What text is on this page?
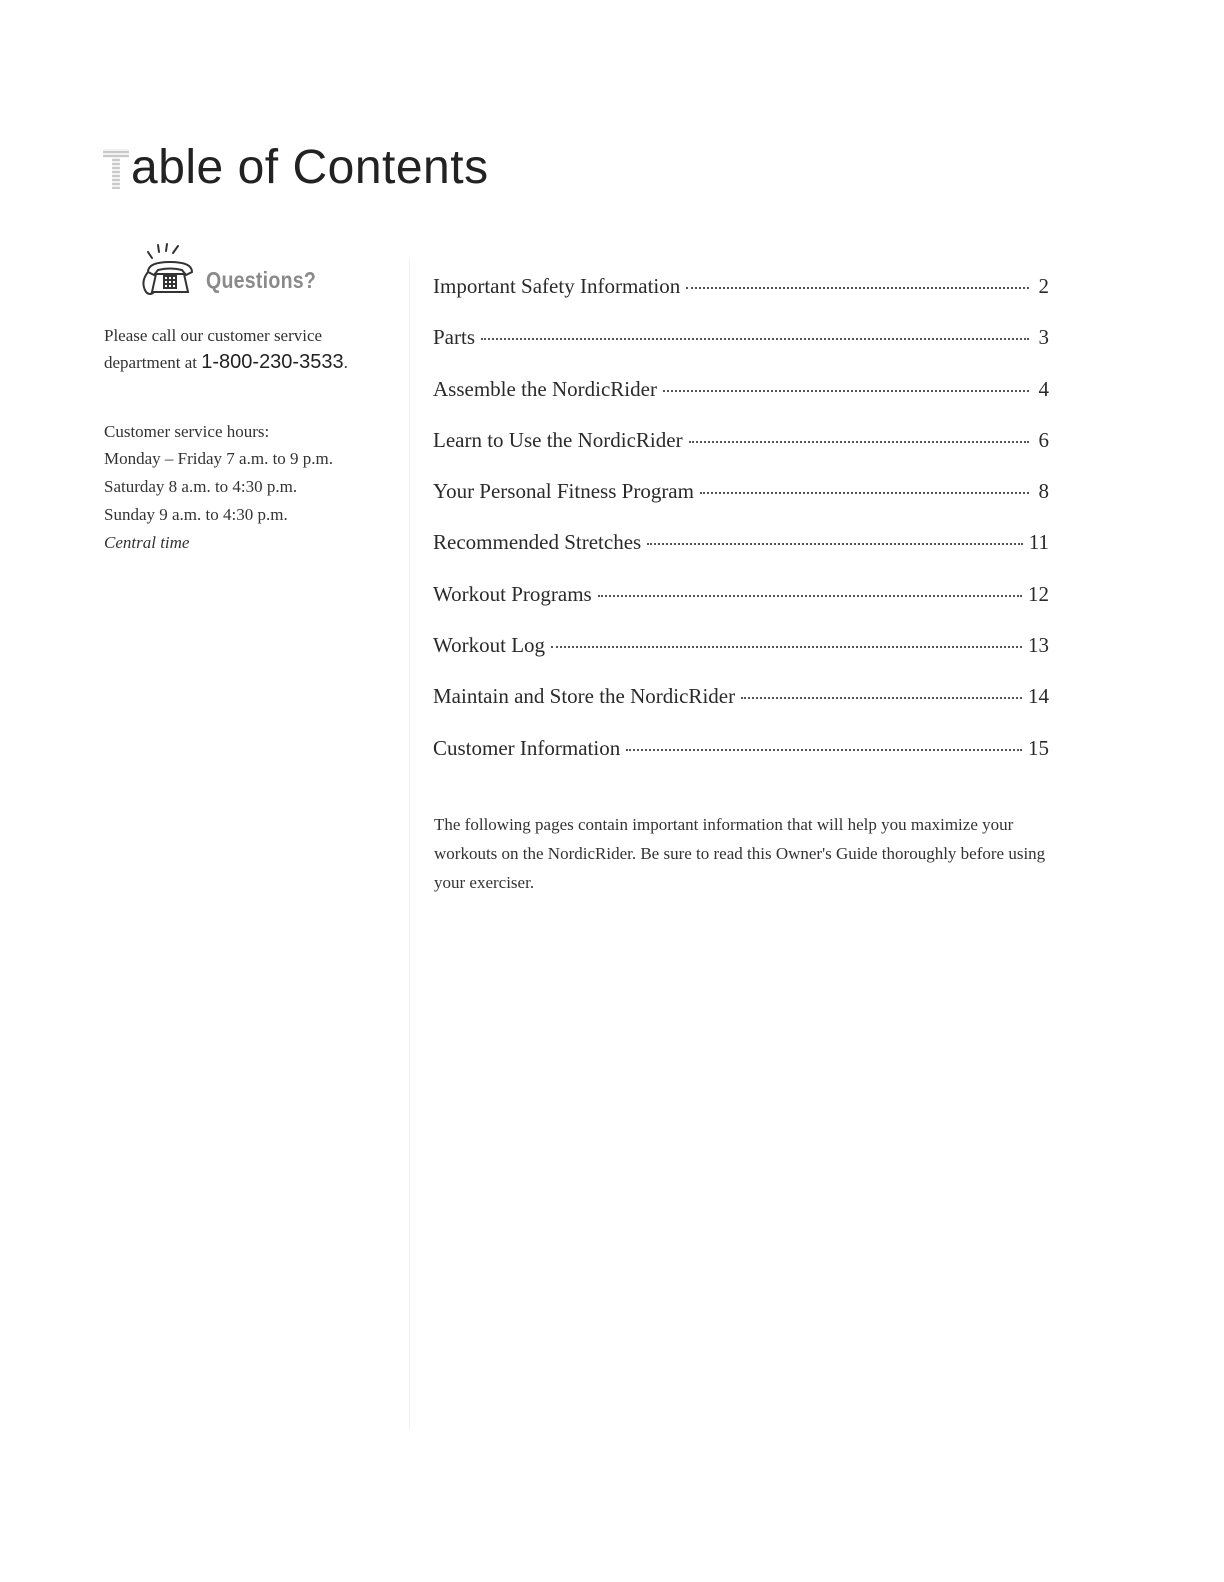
able of Contents
Questions?

Please call our customer service department at 1-800-230-3533.

Customer service hours:
Monday – Friday 7 a.m. to 9 p.m.
Saturday 8 a.m. to 4:30 p.m.
Sunday 9 a.m. to 4:30 p.m.
Central time
Important Safety Information	2
Parts	3
Assemble the NordicRider	4
Learn to Use the NordicRider	6
Your Personal Fitness Program	8
Recommended Stretches	11
Workout Programs	12
Workout Log	13
Maintain and Store the NordicRider	14
Customer Information	15

The following pages contain important information that will help you maximize your workouts on the NordicRider. Be sure to read this Owner's Guide thoroughly before using your exerciser.
